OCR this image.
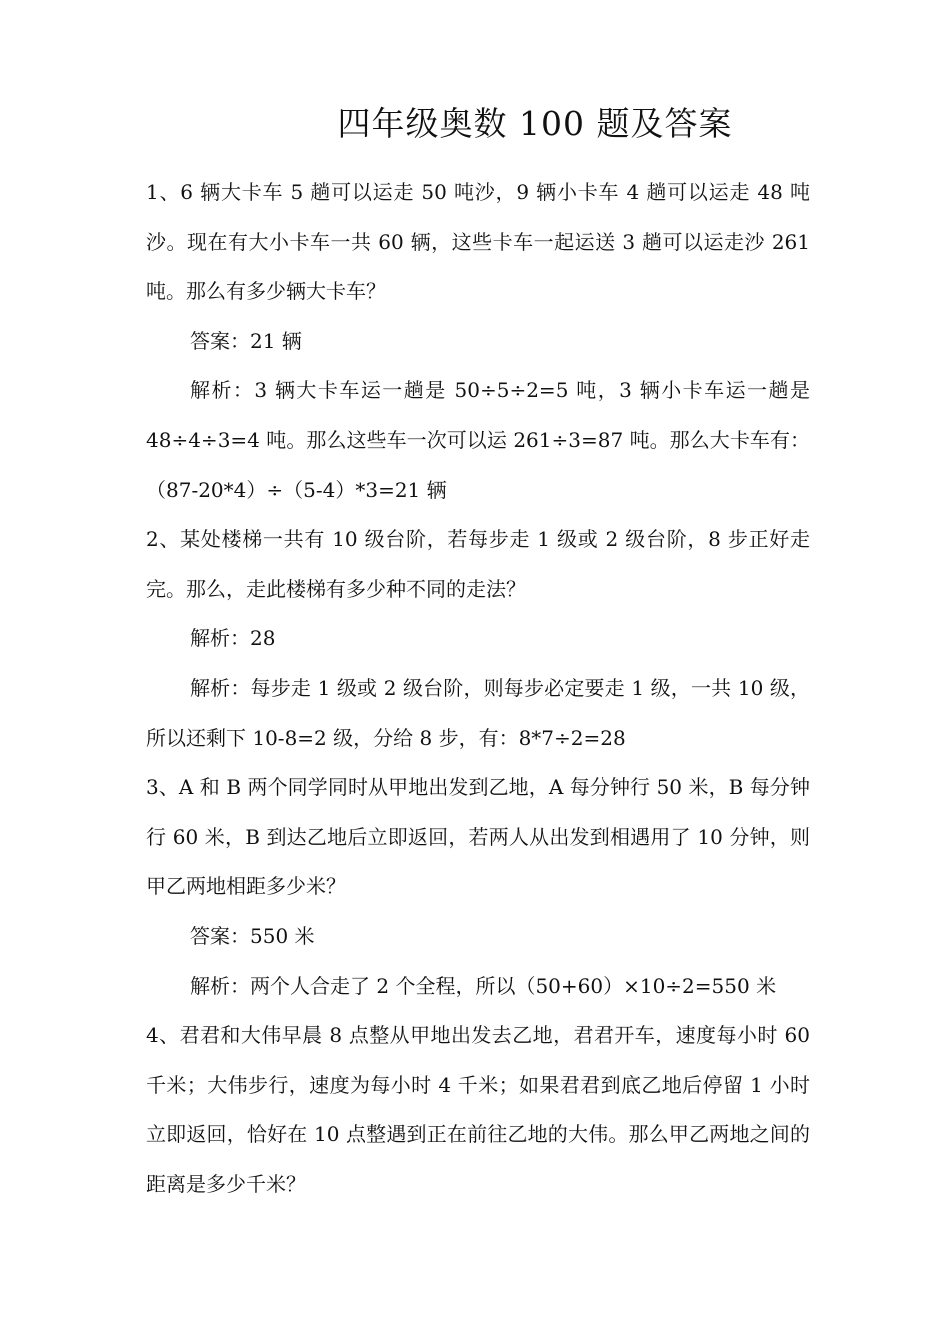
四年级奥数 100 题及答案

1、6 辆大卡车 5 趟可以运走 50 吨沙，9 辆小卡车 4 趟可以运走 48 吨沙。现在有大小卡车一共 60 辆，这些卡车一起运送 3 趟可以运走沙 261 吨。那么有多少辆大卡车？

答案：21 辆

解析：3 辆大卡车运一趟是 50÷5÷2=5 吨，3 辆小卡车运一趟是 48÷4÷3=4 吨。那么这些车一次可以运 261÷3=87 吨。那么大卡车有：（87-20*4）÷（5-4）*3=21 辆

2、某处楼梯一共有 10 级台阶，若每步走 1 级或 2 级台阶，8 步正好走完。那么，走此楼梯有多少种不同的走法？

解析：28

解析：每步走 1 级或 2 级台阶，则每步必定要走 1 级，一共 10 级，所以还剩下 10-8=2 级，分给 8 步，有：8*7÷2=28

3、A 和 B 两个同学同时从甲地出发到乙地，A 每分钟行 50 米，B 每分钟行 60 米，B 到达乙地后立即返回，若两人从出发到相遇用了 10 分钟，则甲乙两地相距多少米？

答案：550 米

解析：两个人合走了 2 个全程，所以（50+60）×10÷2=550 米

4、君君和大伟早晨 8 点整从甲地出发去乙地，君君开车，速度每小时 60 千米；大伟步行，速度为每小时 4 千米；如果君君到底乙地后停留 1 小时立即返回，恰好在 10 点整遇到正在前往乙地的大伟。那么甲乙两地之间的距离是多少千米？
